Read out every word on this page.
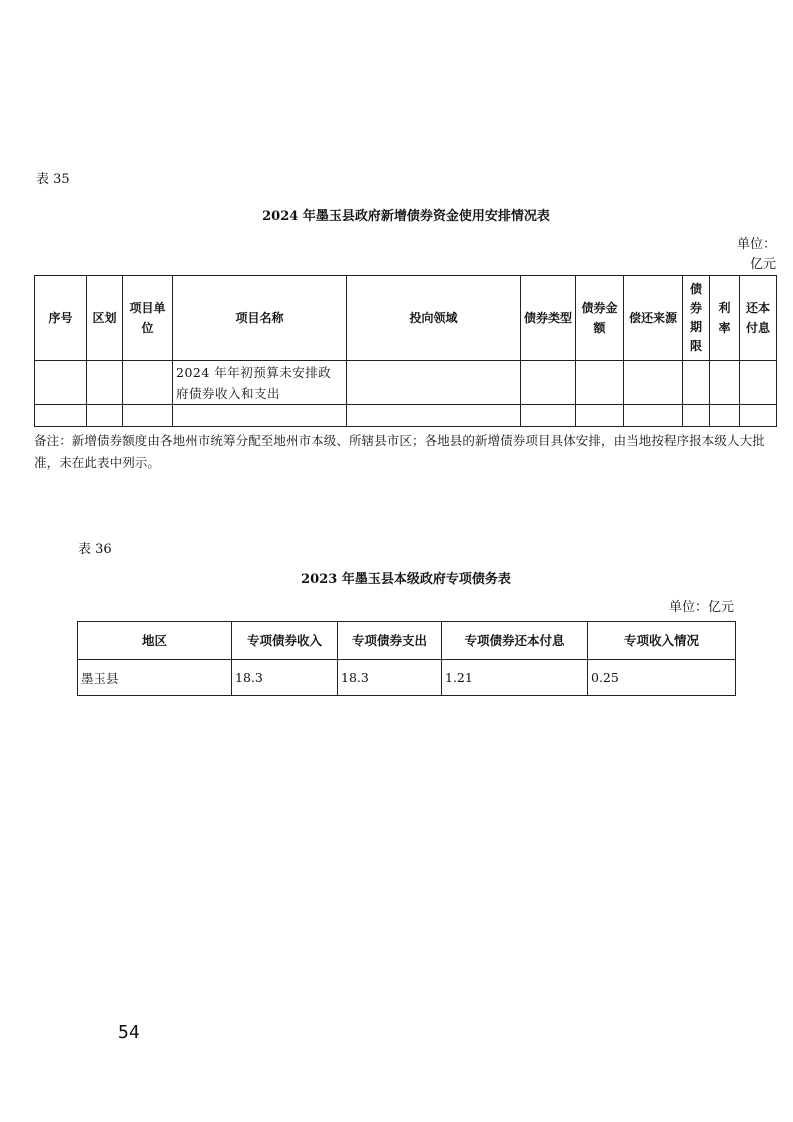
表 35
2024 年墨玉县政府新增债券资金使用安排情况表
单位：
亿元
序号	区划	项目单位	项目名称	投向领域	债券类型	债券金额	偿还来源	债券期限	利率	还本付息
			2024 年年初预算未安排政府债券收入和支出							

备注：新增债券额度由各地州市统筹分配至地州市本级、所辖县市区；各地县的新增债券项目具体安排，由当地按程序报本级人大批准，未在此表中列示。
表 36
2023 年墨玉县本级政府专项债务表
单位：亿元
地区	专项债券收入	专项债券支出	专项债券还本付息	专项收入情况
墨玉县	18.3	18.3	1.21	0.25
54
